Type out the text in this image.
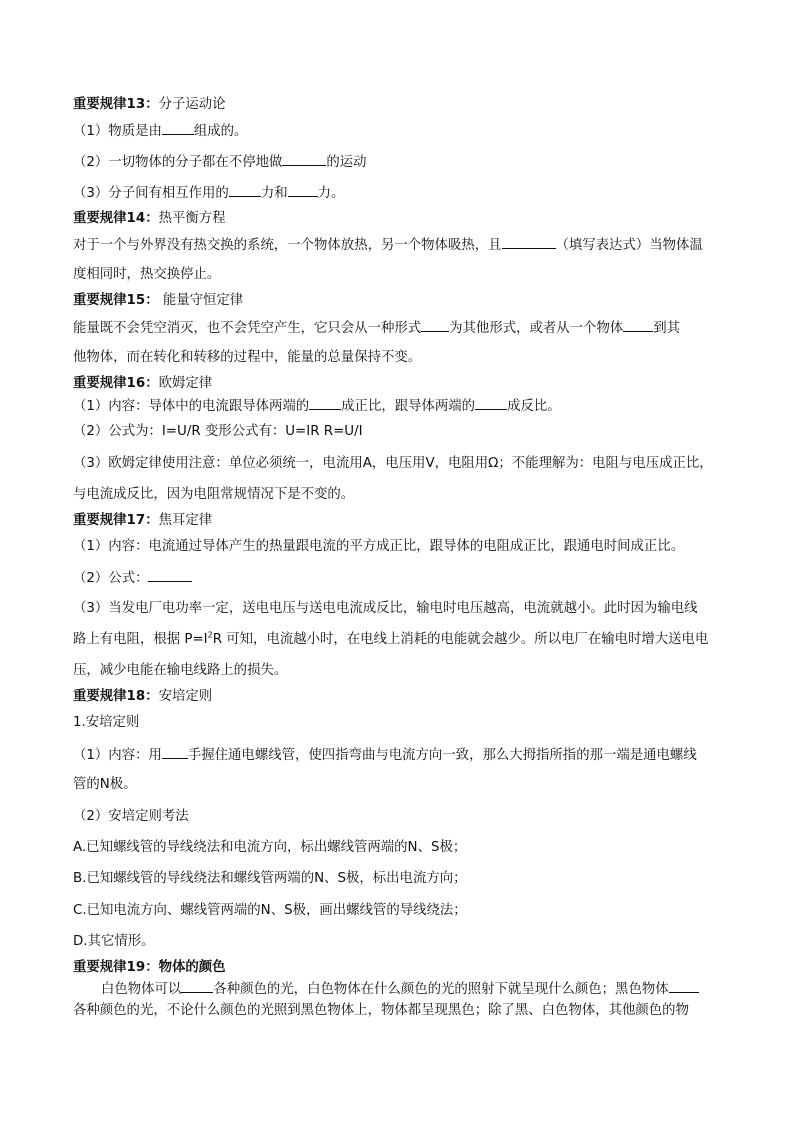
重要规律13：分子运动论
（1）物质是由 组成的。
（2）一切物体的分子都在不停地做	的运动
（3）分子间有相互作用的 力和 力。
重要规律14：热平衡方程
对于一个与外界没有热交换的系统，一个物体放热，另一个物体吸热，且	（填写表达式）当物体温
度相同时，热交换停止。
重要规律15： 能量守恒定律
能量既不会凭空消灭，也不会凭空产生，它只会从一种形式 为其他形式，或者从一个物体 到其
他物体，而在转化和转移的过程中，能量的总量保持不变。
重要规律16：欧姆定律
（1）内容：导体中的电流跟导体两端的 成正比，跟导体两端的 成反比。
（2）公式为：I=U/R 变形公式有：U=IR R=U/I
（3）欧姆定律使用注意：单位必须统一，电流用A，电压用V，电阻用Ω；不能理解为：电阻与电压成正比，
与电流成反比，因为电阻常规情况下是不变的。
重要规律17：焦耳定律
（1）内容：电流通过导体产生的热量跟电流的平方成正比，跟导体的电阻成正比，跟通电时间成正比。
（2）公式：
（3）当发电厂电功率一定，送电电压与送电电流成反比，输电时电压越高，电流就越小。此时因为输电线
路上有电阻，根据 $P=I^2R$ 可知，电流越小时，在电线上消耗的电能就会越少。所以电厂在输电时增大送电电
压，减少电能在输电线路上的损失。
重要规律18：安培定则
1.安培定则
（1）内容：用 手握住通电螺线管，使四指弯曲与电流方向一致，那么大拇指所指的那一端是通电螺线
管的N极。
（2）安培定则考法
A.已知螺线管的导线绕法和电流方向，标出螺线管两端的N、S极；
B.已知螺线管的导线绕法和螺线管两端的N、S极，标出电流方向；
C.已知电流方向、螺线管两端的N、S极，画出螺线管的导线绕法；
D.其它情形。
重要规律19：物体的颜色
白色物体可以 各种颜色的光，白色物体在什么颜色的光的照射下就呈现什么颜色；黑色物体
各种颜色的光，不论什么颜色的光照到黑色物体上，物体都呈现黑色；除了黑、白色物体，其他颜色的物
